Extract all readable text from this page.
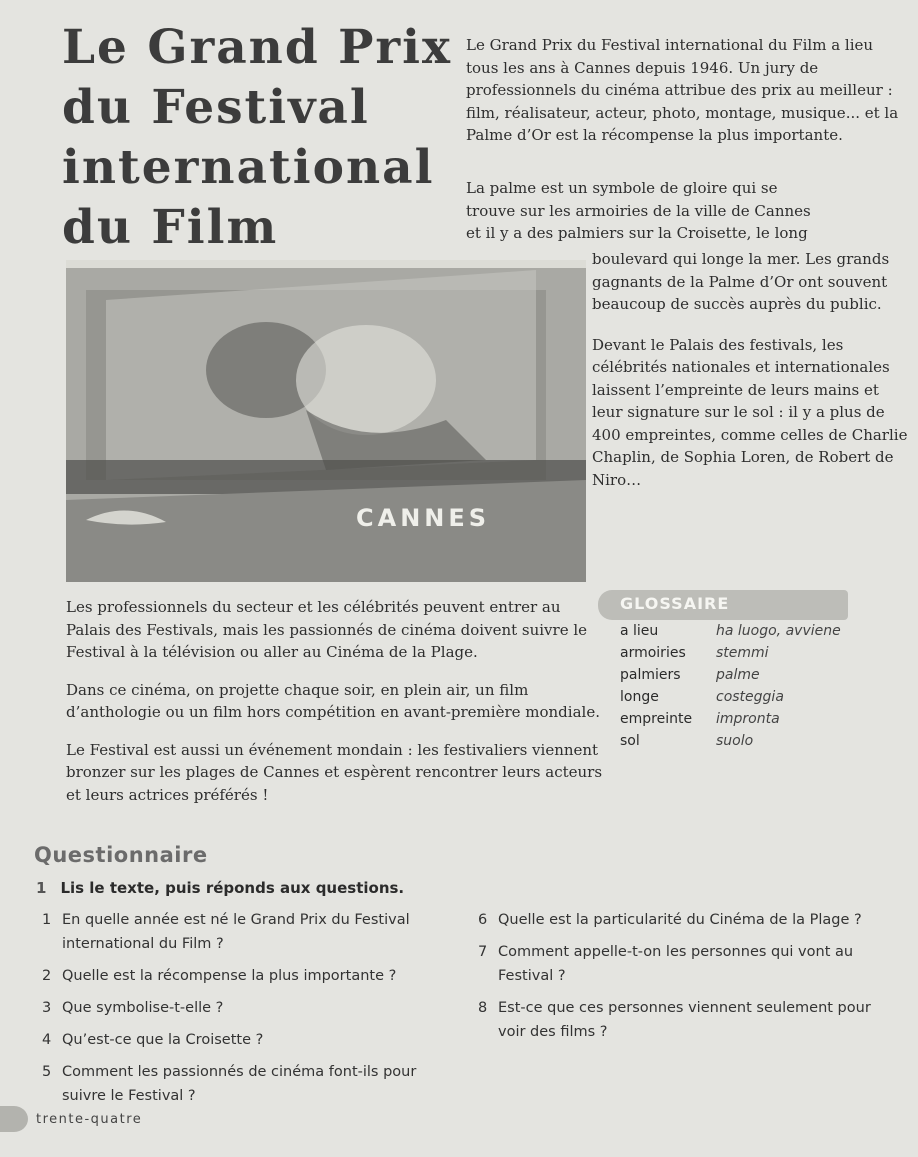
Le Grand Prix
du Festival
international
du Film

Le Grand Prix du Festival international du Film a lieu tous les ans à Cannes depuis 1946. Un jury de professionnels du cinéma attribue des prix au meilleur : film, réalisateur, acteur, photo, montage, musique... et la Palme d’Or est la récompense la plus importante.

La palme est un symbole de gloire qui se trouve sur les armoiries de la ville de Cannes et il y a des palmiers sur la Croisette, le long

CANNES

boulevard qui longe la mer. Les grands gagnants de la Palme d’Or ont souvent beaucoup de succès auprès du public.

Devant le Palais des festivals, les célébrités nationales et internationales laissent l’empreinte de leurs mains et leur signature sur le sol : il y a plus de 400 empreintes, comme celles de Charlie Chaplin, de Sophia Loren, de Robert de Niro…

Les professionnels du secteur et les célébrités peuvent entrer au Palais des Festivals, mais les passionnés de cinéma doivent suivre le Festival à la télévision ou aller au Cinéma de la Plage.

Dans ce cinéma, on projette chaque soir, en plein air, un film d’anthologie ou un film hors compétition en avant-première mondiale.

Le Festival est aussi un événement mondain : les festivaliers viennent bronzer sur les plages de Cannes et espèrent rencontrer leurs acteurs et leurs actrices préférés !

GLOSSAIRE
a lieu	ha luogo, avviene
armoiries	stemmi
palmiers	palme
longe	costeggia
empreinte	impronta
sol	suolo
Questionnaire
1 Lis le texte, puis réponds aux questions.
1 En quelle année est né le Grand Prix du Festival international du Film ?
2 Quelle est la récompense la plus importante ?
3 Que symbolise-t-elle ?
4 Qu’est-ce que la Croisette ?
5 Comment les passionnés de cinéma font-ils pour suivre le Festival ?
6 Quelle est la particularité du Cinéma de la Plage ?
7 Comment appelle-t-on les personnes qui vont au Festival ?
8 Est-ce que ces personnes viennent seulement pour voir des films ?
trente-quatre
